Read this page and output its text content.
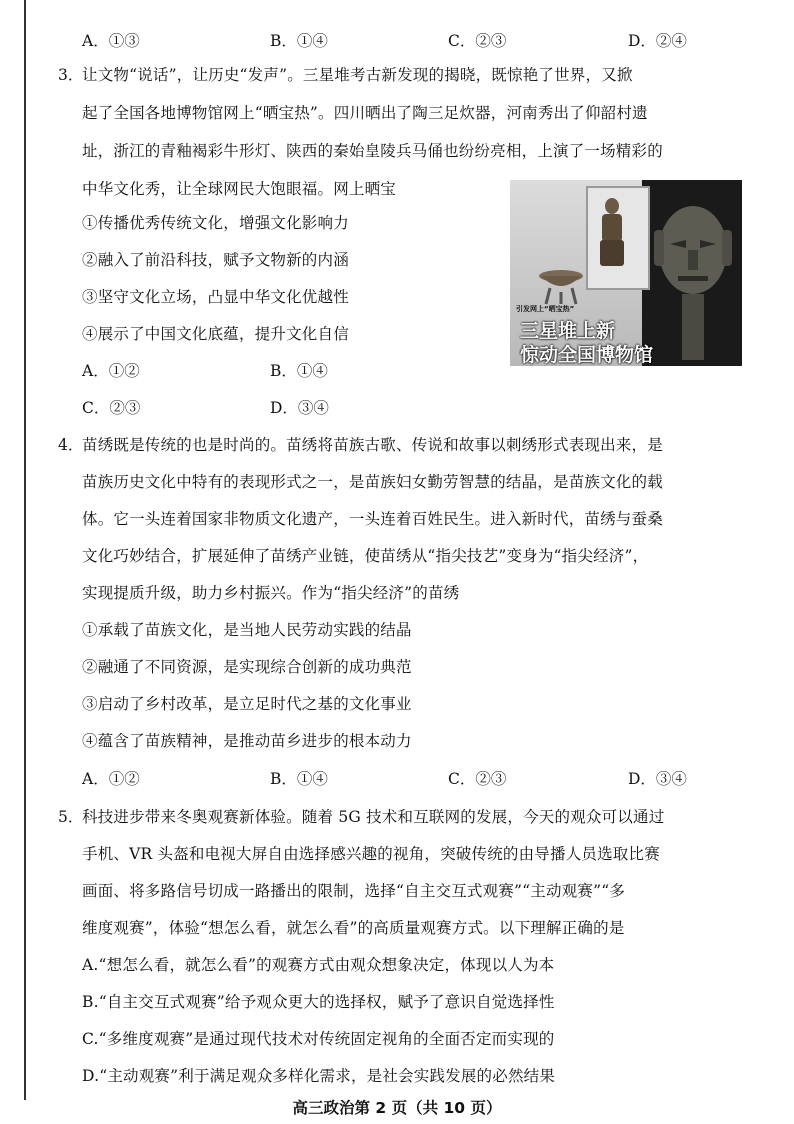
A．①③	B．①④	C．②③	D．②④
3．
让文物“说话”，让历史“发声”。三星堆考古新发现的揭晓，既惊艳了世界，又掀
起了全国各地博物馆网上“晒宝热”。四川晒出了陶三足炊器，河南秀出了仰韶村遗
址，浙江的青釉褐彩牛形灯、陕西的秦始皇陵兵马俑也纷纷亮相，上演了一场精彩的
中华文化秀，让全球网民大饱眼福。网上晒宝
①传播优秀传统文化，增强文化影响力
②融入了前沿科技，赋予文物新的内涵
③坚守文化立场，凸显中华文化优越性
④展示了中国文化底蕴，提升文化自信
A．①②	B．①④
C．②③	D．③④
引发网上“晒宝热”
三星堆上新
惊动全国博物馆
4．
苗绣既是传统的也是时尚的。苗绣将苗族古歌、传说和故事以刺绣形式表现出来，是
苗族历史文化中特有的表现形式之一，是苗族妇女勤劳智慧的结晶，是苗族文化的载
体。它一头连着国家非物质文化遗产，一头连着百姓民生。进入新时代，苗绣与蚕桑
文化巧妙结合，扩展延伸了苗绣产业链，使苗绣从“指尖技艺”变身为“指尖经济”，
实现提质升级，助力乡村振兴。作为“指尖经济”的苗绣
①承载了苗族文化，是当地人民劳动实践的结晶
②融通了不同资源，是实现综合创新的成功典范
③启动了乡村改革，是立足时代之基的文化事业
④蕴含了苗族精神，是推动苗乡进步的根本动力
A．①②	B．①④	C．②③	D．③④
5．
科技进步带来冬奥观赛新体验。随着 5G 技术和互联网的发展，今天的观众可以通过
手机、VR 头盔和电视大屏自由选择感兴趣的视角，突破传统的由导播人员选取比赛
画面、将多路信号切成一路播出的限制，选择“自主交互式观赛”“主动观赛”“多
维度观赛”，体验“想怎么看，就怎么看”的高质量观赛方式。以下理解正确的是
A.“想怎么看，就怎么看”的观赛方式由观众想象决定，体现以人为本
B.“自主交互式观赛”给予观众更大的选择权，赋予了意识自觉选择性
C.“多维度观赛”是通过现代技术对传统固定视角的全面否定而实现的
D.“主动观赛”利于满足观众多样化需求，是社会实践发展的必然结果
高三政治第 2 页（共 10 页）
